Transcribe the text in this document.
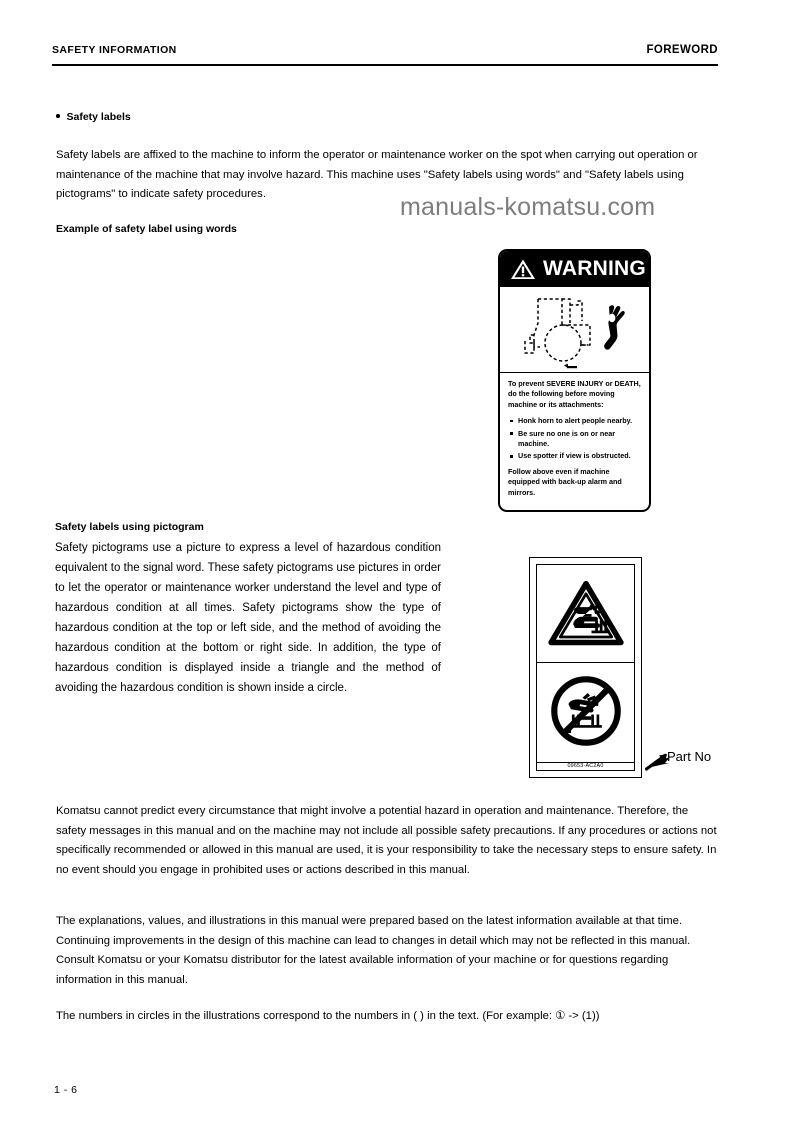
SAFETY INFORMATION	FOREWORD
Safety labels
Safety labels are affixed to the machine to inform the operator or maintenance worker on the spot when carrying out operation or maintenance of the machine that may involve hazard. This machine uses "Safety labels using words" and "Safety labels using pictograms" to indicate safety procedures.	manuals-komatsu.com
Example of safety label using words
WARNING
To prevent SEVERE INJURY or DEATH, do the following before moving machine or its attachments:
Honk horn to alert people nearby.
Be sure no one is on or near machine.
Use spotter if view is obstructed.
Follow above even if machine equipped with back-up alarm and mirrors.
Safety labels using pictogram
Safety pictograms use a picture to express a level of hazardous condition equivalent to the signal word. These safety pictograms use pictures in order to let the operator or maintenance worker understand the level and type of hazardous condition at all times. Safety pictograms show the type of hazardous condition at the top or left side, and the method of avoiding the hazardous condition at the bottom or right side. In addition, the type of hazardous condition is displayed inside a triangle and the method of avoiding the hazardous condition is shown inside a circle.
09653-AC2A0
Part No
Komatsu cannot predict every circumstance that might involve a potential hazard in operation and maintenance. Therefore, the safety messages in this manual and on the machine may not include all possible safety precautions. If any procedures or actions not specifically recommended or allowed in this manual are used, it is your responsibility to take the necessary steps to ensure safety. In no event should you engage in prohibited uses or actions described in this manual.
The explanations, values, and illustrations in this manual were prepared based on the latest information available at that time. Continuing improvements in the design of this machine can lead to changes in detail which may not be reflected in this manual. Consult Komatsu or your Komatsu distributor for the latest available information of your machine or for questions regarding information in this manual.
The numbers in circles in the illustrations correspond to the numbers in ( ) in the text. (For example: ① -> (1))
1 - 6
